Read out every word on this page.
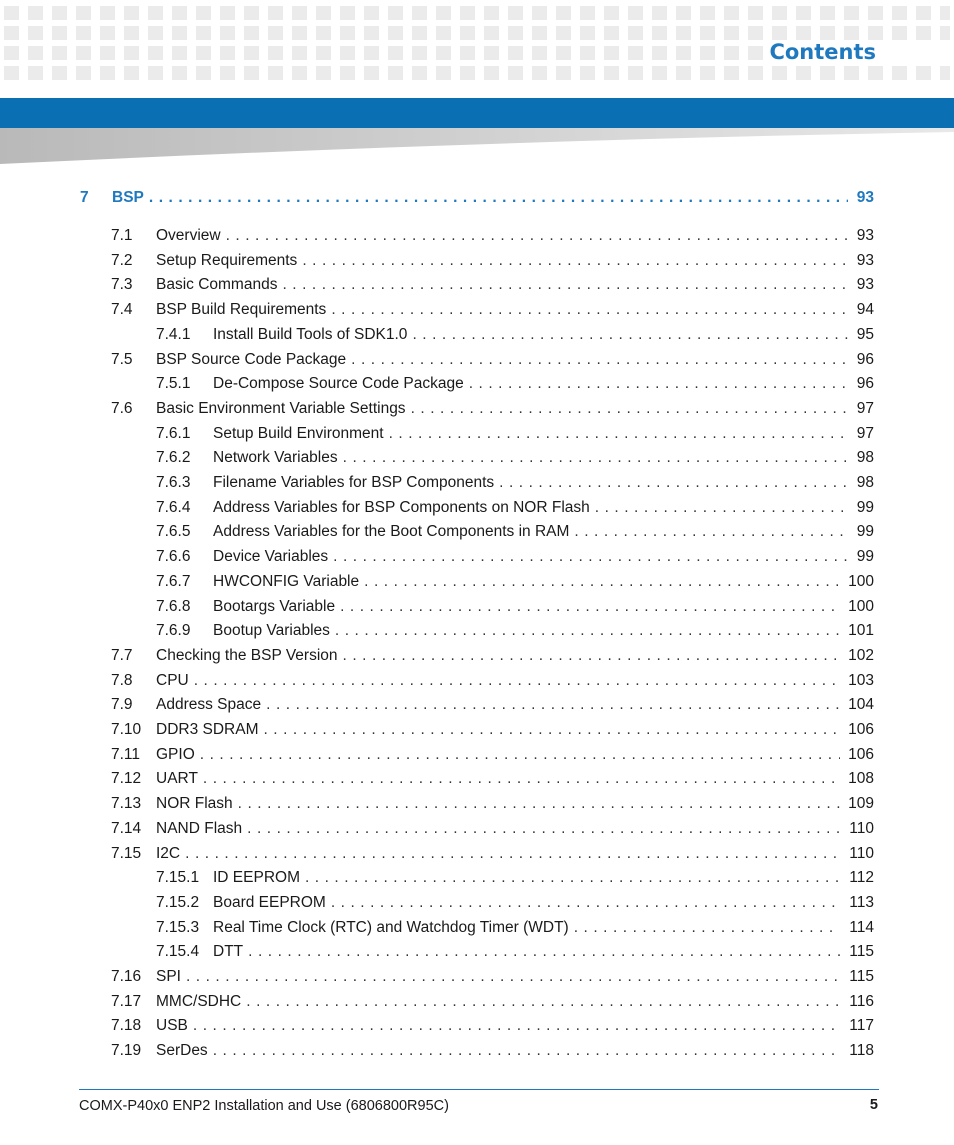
Contents
7 BSP . . .	93
7.1 Overview . . .	93
7.2 Setup Requirements . . .	93
7.3 Basic Commands . . .	93
7.4 BSP Build Requirements . . .	94
7.4.1 Install Build Tools of SDK1.0 . . .	95
7.5 BSP Source Code Package . . .	96
7.5.1 De-Compose Source Code Package . . .	96
7.6 Basic Environment Variable Settings . . .	97
7.6.1 Setup Build Environment . . .	97
7.6.2 Network Variables . . .	98
7.6.3 Filename Variables for BSP Components . . .	98
7.6.4 Address Variables for BSP Components on NOR Flash . . .	99
7.6.5 Address Variables for the Boot Components in RAM . . .	99
7.6.6 Device Variables . . .	99
7.6.7 HWCONFIG Variable . . .	100
7.6.8 Bootargs Variable . . .	100
7.6.9 Bootup Variables . . .	101
7.7 Checking the BSP Version . . .	102
7.8 CPU . . .	103
7.9 Address Space . . .	104
7.10 DDR3 SDRAM . . .	106
7.11 GPIO . . .	106
7.12 UART . . .	108
7.13 NOR Flash . . .	109
7.14 NAND Flash . . .	110
7.15 I2C . . .	110
7.15.1 ID EEPROM . . .	112
7.15.2 Board EEPROM . . .	113
7.15.3 Real Time Clock (RTC) and Watchdog Timer (WDT) . . .	114
7.15.4 DTT . . .	115
7.16 SPI . . .	115
7.17 MMC/SDHC . . .	116
7.18 USB . . .	117
7.19 SerDes . . .	118
COMX-P40x0 ENP2 Installation and Use (6806800R95C)	5
